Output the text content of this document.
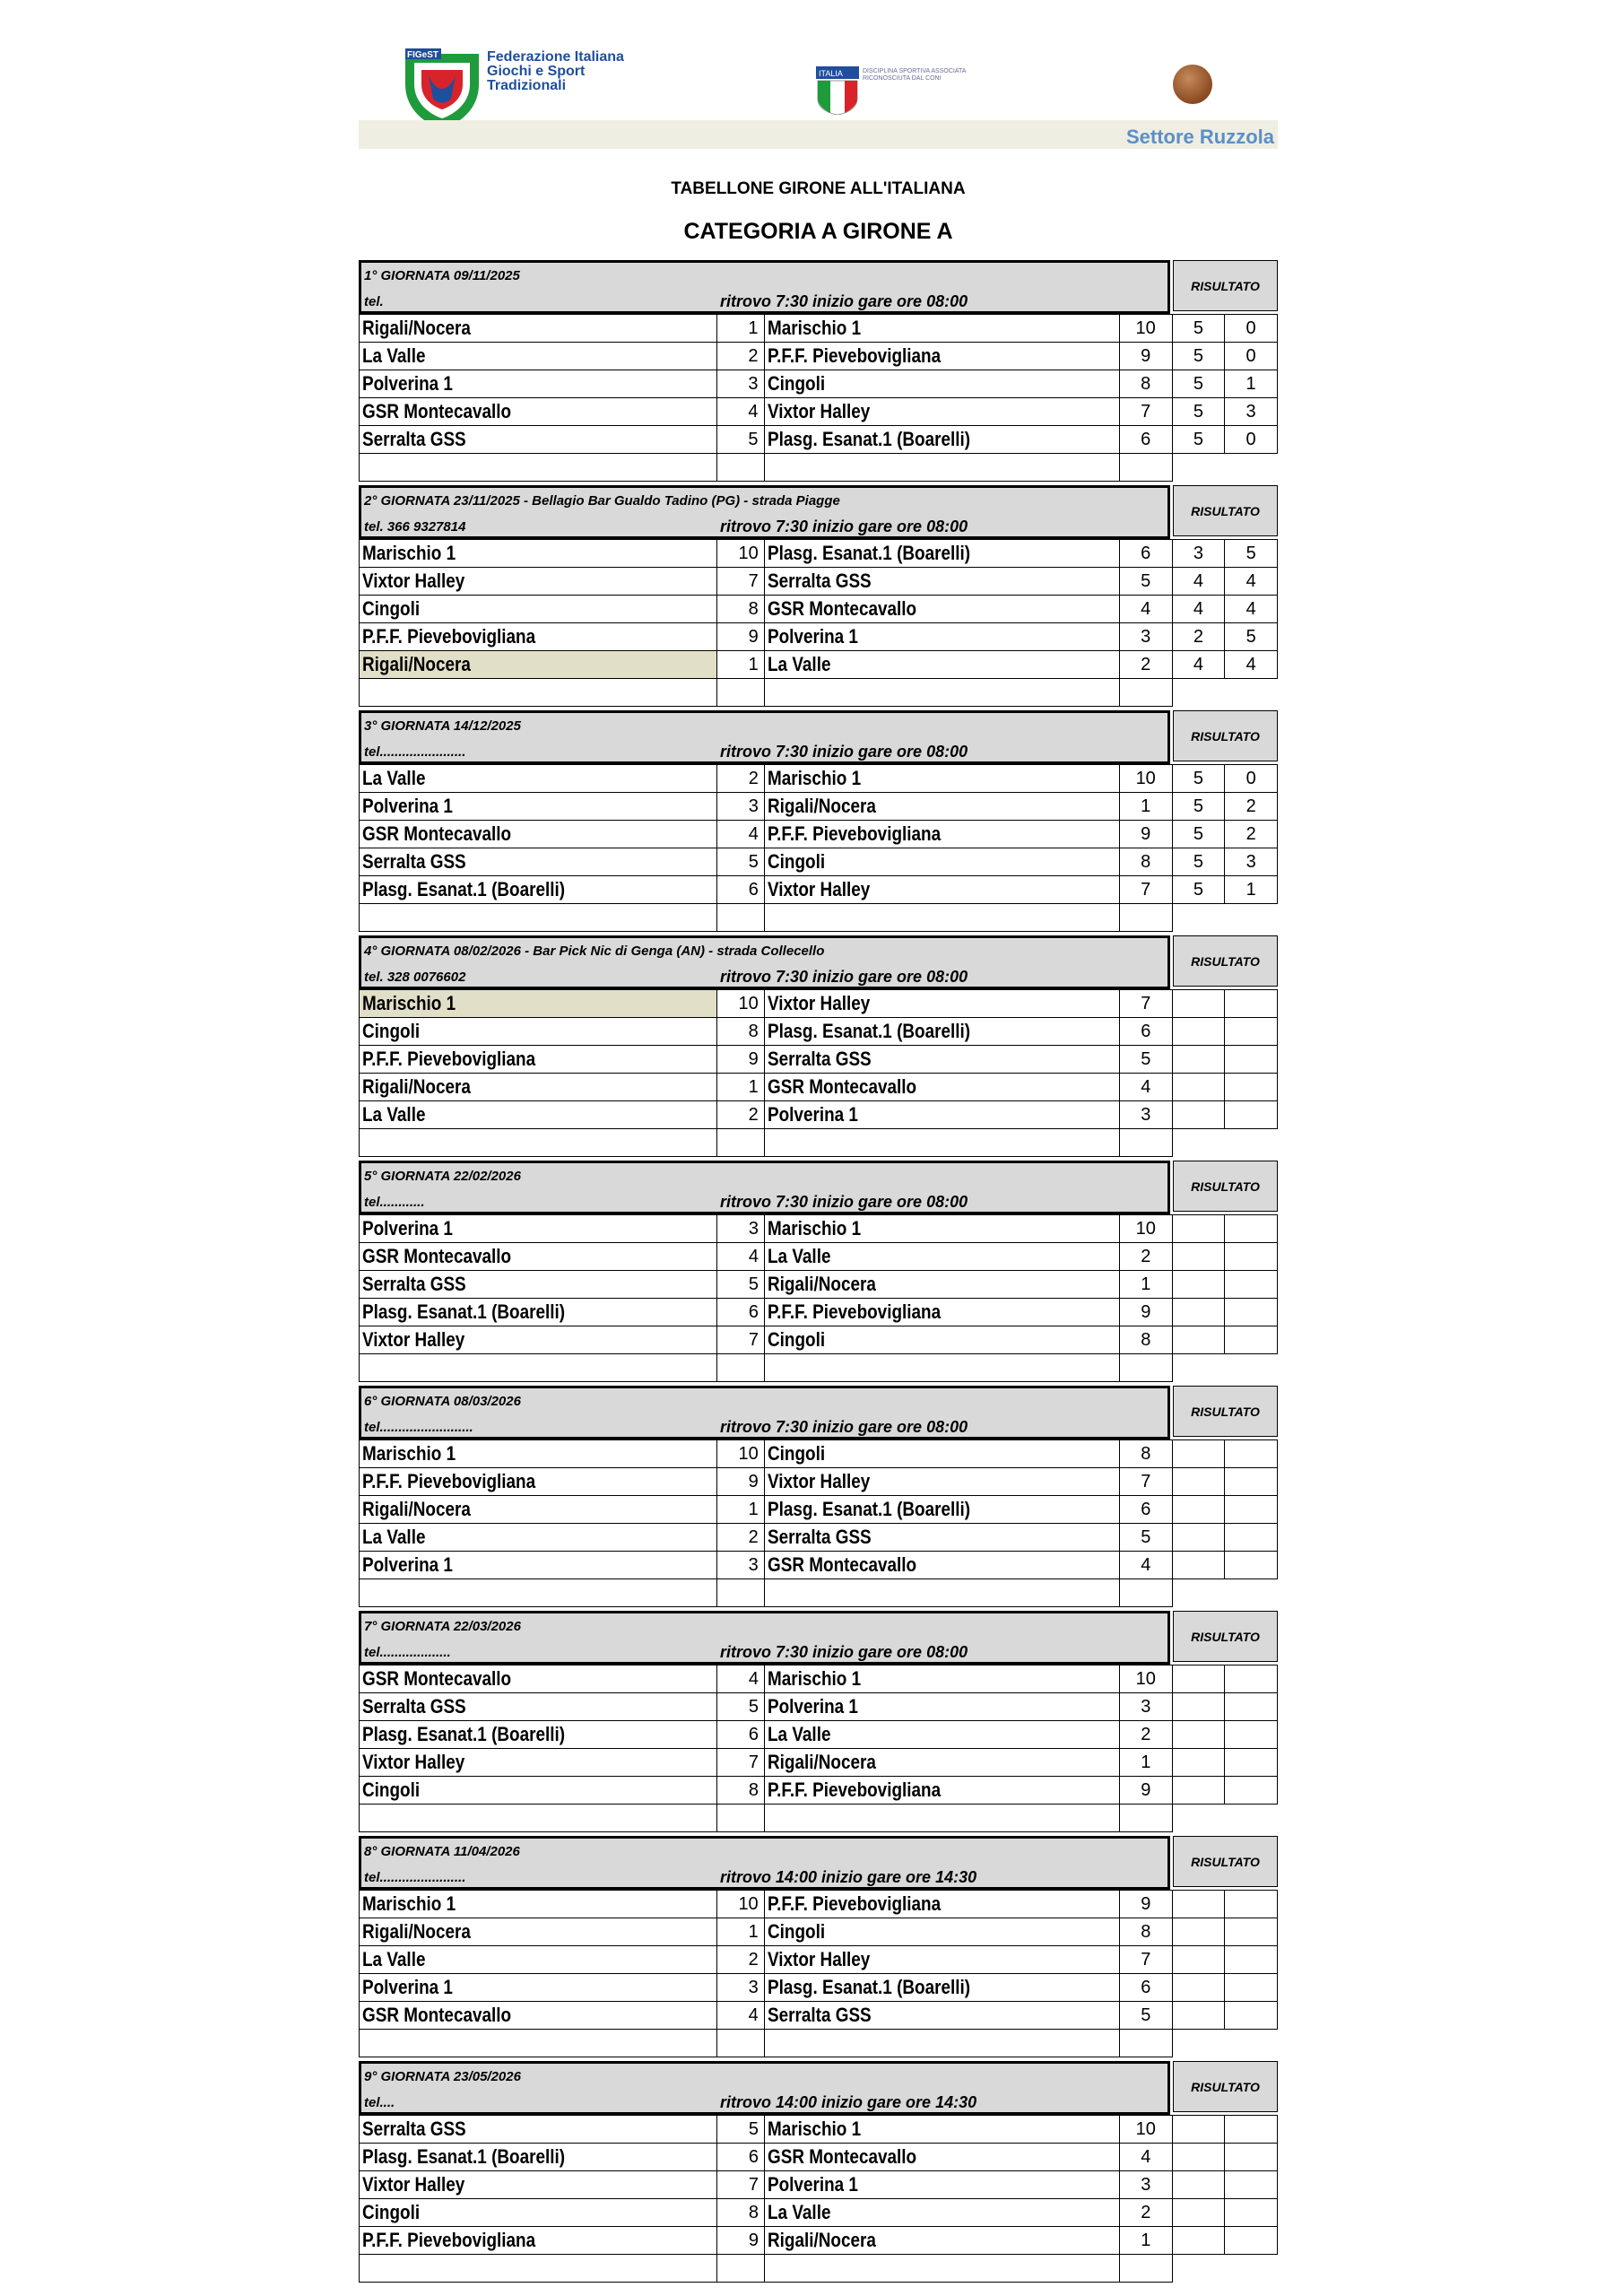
FIGeST	Federazione Italiana
Giochi e Sport
Tradizionali
ITALIA	DISCIPLINA SPORTIVA ASSOCIATA RICONOSCIUTA DAL CONI
Settore Ruzzola
TABELLONE GIRONE ALL'ITALIANA
CATEGORIA A GIRONE A
1° GIORNATA 09/11/2025
tel.	ritrovo 7:30 inizio gare ore 08:00
RISULTATO
Rigali/Nocera	1	Marischio 1	10	5	0
La Valle	2	P.F.F. Pievebovigliana	9	5	0
Polverina 1	3	Cingoli	8	5	1
GSR Montecavallo	4	Vixtor Halley	7	5	3
Serralta GSS	5	Plasg. Esanat.1 (Boarelli)	6	5	0

2° GIORNATA 23/11/2025 - Bellagio Bar Gualdo Tadino (PG) - strada Piagge
tel. 366 9327814	ritrovo 7:30 inizio gare ore 08:00
RISULTATO
Marischio 1	10	Plasg. Esanat.1 (Boarelli)	6	3	5
Vixtor Halley	7	Serralta GSS	5	4	4
Cingoli	8	GSR Montecavallo	4	4	4
P.F.F. Pievebovigliana	9	Polverina 1	3	2	5
Rigali/Nocera	1	La Valle	2	4	4

3° GIORNATA 14/12/2025
tel.......................	ritrovo 7:30 inizio gare ore 08:00
RISULTATO
La Valle	2	Marischio 1	10	5	0
Polverina 1	3	Rigali/Nocera	1	5	2
GSR Montecavallo	4	P.F.F. Pievebovigliana	9	5	2
Serralta GSS	5	Cingoli	8	5	3
Plasg. Esanat.1 (Boarelli)	6	Vixtor Halley	7	5	1

4° GIORNATA 08/02/2026 - Bar Pick Nic di Genga (AN) - strada Collecello
tel. 328 0076602	ritrovo 7:30 inizio gare ore 08:00
RISULTATO
Marischio 1	10	Vixtor Halley	7		
Cingoli	8	Plasg. Esanat.1 (Boarelli)	6		
P.F.F. Pievebovigliana	9	Serralta GSS	5		
Rigali/Nocera	1	GSR Montecavallo	4		
La Valle	2	Polverina 1	3		

5° GIORNATA 22/02/2026
tel............	ritrovo 7:30 inizio gare ore 08:00
RISULTATO
Polverina 1	3	Marischio 1	10		
GSR Montecavallo	4	La Valle	2		
Serralta GSS	5	Rigali/Nocera	1		
Plasg. Esanat.1 (Boarelli)	6	P.F.F. Pievebovigliana	9		
Vixtor Halley	7	Cingoli	8		

6° GIORNATA 08/03/2026
tel.........................	ritrovo 7:30 inizio gare ore 08:00
RISULTATO
Marischio 1	10	Cingoli	8		
P.F.F. Pievebovigliana	9	Vixtor Halley	7		
Rigali/Nocera	1	Plasg. Esanat.1 (Boarelli)	6		
La Valle	2	Serralta GSS	5		
Polverina 1	3	GSR Montecavallo	4		

7° GIORNATA 22/03/2026
tel...................	ritrovo 7:30 inizio gare ore 08:00
RISULTATO
GSR Montecavallo	4	Marischio 1	10		
Serralta GSS	5	Polverina 1	3		
Plasg. Esanat.1 (Boarelli)	6	La Valle	2		
Vixtor Halley	7	Rigali/Nocera	1		
Cingoli	8	P.F.F. Pievebovigliana	9		

8° GIORNATA 11/04/2026
tel.......................	ritrovo 14:00 inizio gare ore 14:30
RISULTATO
Marischio 1	10	P.F.F. Pievebovigliana	9		
Rigali/Nocera	1	Cingoli	8		
La Valle	2	Vixtor Halley	7		
Polverina 1	3	Plasg. Esanat.1 (Boarelli)	6		
GSR Montecavallo	4	Serralta GSS	5		

9° GIORNATA 23/05/2026
tel....	ritrovo 14:00 inizio gare ore 14:30
RISULTATO
Serralta GSS	5	Marischio 1	10		
Plasg. Esanat.1 (Boarelli)	6	GSR Montecavallo	4		
Vixtor Halley	7	Polverina 1	3		
Cingoli	8	La Valle	2		
P.F.F. Pievebovigliana	9	Rigali/Nocera	1		
